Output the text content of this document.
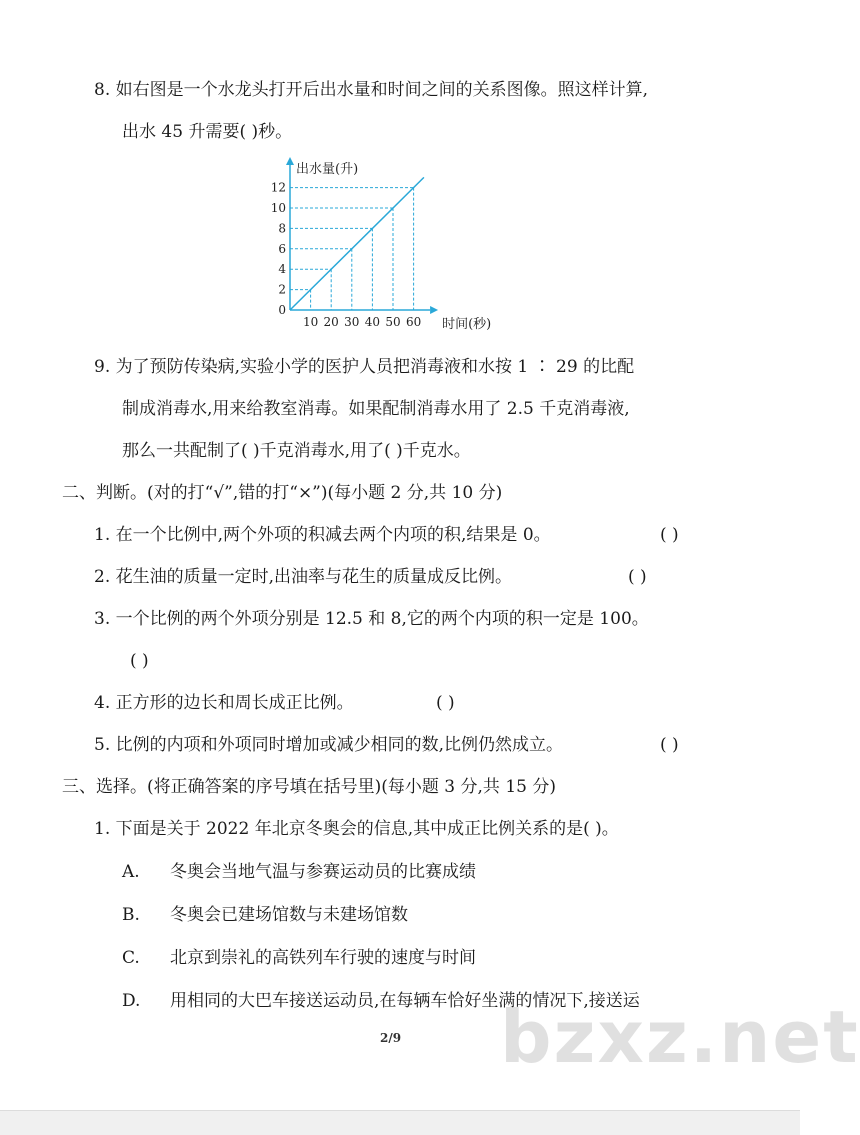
8. 如右图是一个水龙头打开后出水量和时间之间的关系图像。照这样计算,
出水 45 升需要( )秒。
10 20 30 40 50 60
2
4
6
8
10
12
0
出水量(升)
时间(秒)
9. 为了预防传染病,实验小学的医护人员把消毒液和水按 1 ∶ 29 的比配
制成消毒水,用来给教室消毒。如果配制消毒水用了 2.5 千克消毒液,
那么一共配制了( )千克消毒水,用了( )千克水。
二、判断。(对的打“√”,错的打“×”)(每小题 2 分,共 10 分)
1. 在一个比例中,两个外项的积减去两个内项的积,结果是 0。	( )
2. 花生油的质量一定时,出油率与花生的质量成反比例。	( )
3. 一个比例的两个外项分别是 12.5 和 8,它的两个内项的积一定是 100。
( )
4. 正方形的边长和周长成正比例。	( )
5. 比例的内项和外项同时增加或减少相同的数,比例仍然成立。	( )
三、选择。(将正确答案的序号填在括号里)(每小题 3 分,共 15 分)
1. 下面是关于 2022 年北京冬奥会的信息,其中成正比例关系的是( )。
A. 冬奥会当地气温与参赛运动员的比赛成绩
B. 冬奥会已建场馆数与未建场馆数
C. 北京到崇礼的高铁列车行驶的速度与时间
D. 用相同的大巴车接送运动员,在每辆车恰好坐满的情况下,接送运
bzxz.net
2/9
